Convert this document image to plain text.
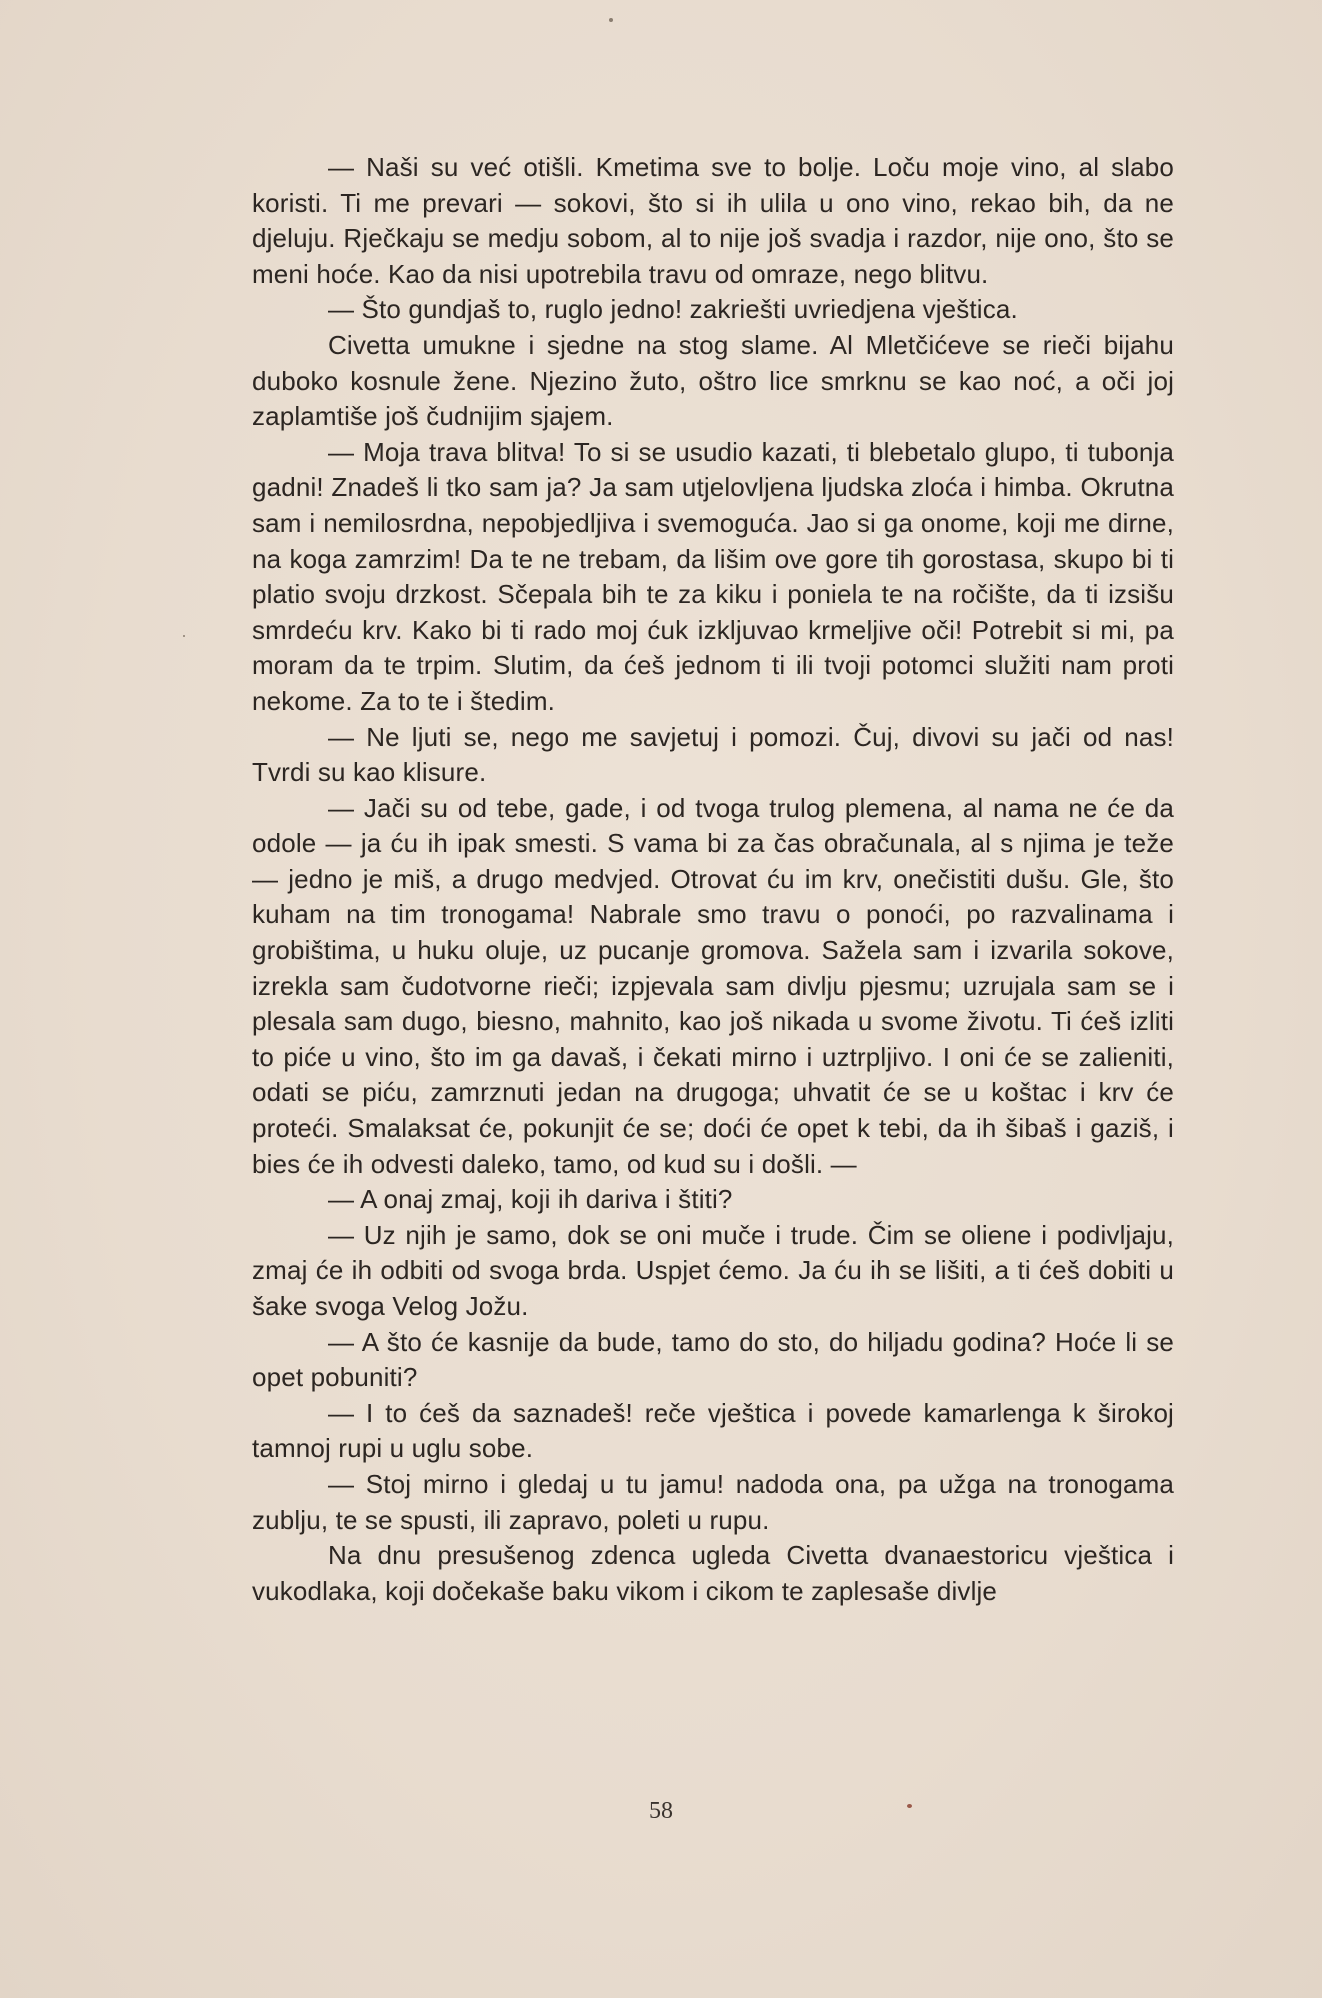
— Naši su već otišli. Kmetima sve to bolje. Loču moje vino, al slabo koristi. Ti me prevari — sokovi, što si ih ulila u ono vino, rekao bih, da ne djeluju. Rječkaju se medju sobom, al to nije još svadja i razdor, nije ono, što se meni hoće. Kao da nisi upotrebila travu od omraze, nego blitvu.

— Što gundjaš to, ruglo jedno! zakriešti uvriedjena vještica.

Civetta umukne i sjedne na stog slame. Al Mletčićeve se rieči bijahu duboko kosnule žene. Njezino žuto, oštro lice smrknu se kao noć, a oči joj zaplamtiše još čudnijim sjajem.

— Moja trava blitva! To si se usudio kazati, ti blebetalo glupo, ti tubonja gadni! Znadeš li tko sam ja? Ja sam utjelovljena ljudska zloća i himba. Okrutna sam i nemilosrdna, nepobjedljiva i svemoguća. Jao si ga onome, koji me dirne, na koga zamrzim! Da te ne trebam, da lišim ove gore tih gorostasa, skupo bi ti platio svoju drzkost. Sčepala bih te za kiku i poniela te na ročište, da ti izsišu smrdeću krv. Kako bi ti rado moj ćuk izkljuvao krmeljive oči! Potrebit si mi, pa moram da te trpim. Slutim, da ćeš jednom ti ili tvoji potomci služiti nam proti nekome. Za to te i štedim.

— Ne ljuti se, nego me savjetuj i pomozi. Čuj, divovi su jači od nas! Tvrdi su kao klisure.

— Jači su od tebe, gade, i od tvoga trulog plemena, al nama ne će da odole — ja ću ih ipak smesti. S vama bi za čas obračunala, al s njima je teže — jedno je miš, a drugo medvjed. Otrovat ću im krv, onečistiti dušu. Gle, što kuham na tim tronogama! Nabrale smo travu o ponoći, po razvalinama i grobištima, u huku oluje, uz pucanje gromova. Sažela sam i izvarila sokove, izrekla sam čudotvorne rieči; izpjevala sam divlju pjesmu; uzrujala sam se i plesala sam dugo, biesno, mahnito, kao još nikada u svome životu. Ti ćeš izliti to piće u vino, što im ga davaš, i čekati mirno i uztrpljivo. I oni će se zalieniti, odati se piću, zamrznuti jedan na drugoga; uhvatit će se u koštac i krv će proteći. Smalaksat će, pokunjit će se; doći će opet k tebi, da ih šibaš i gaziš, i bies će ih odvesti daleko, tamo, od kud su i došli. —

— A onaj zmaj, koji ih dariva i štiti?

— Uz njih je samo, dok se oni muče i trude. Čim se oliene i podivljaju, zmaj će ih odbiti od svoga brda. Uspjet ćemo. Ja ću ih se lišiti, a ti ćeš dobiti u šake svoga Velog Jožu.

— A što će kasnije da bude, tamo do sto, do hiljadu godina? Hoće li se opet pobuniti?

— I to ćeš da saznadeš! reče vještica i povede kamarlenga k širokoj tamnoj rupi u uglu sobe.

— Stoj mirno i gledaj u tu jamu! nadoda ona, pa užga na tronogama zublju, te se spusti, ili zapravo, poleti u rupu.

Na dnu presušenog zdenca ugleda Civetta dvanaestoricu vještica i vukodlaka, koji dočekaše baku vikom i cikom te zaplesaše divlje

58
